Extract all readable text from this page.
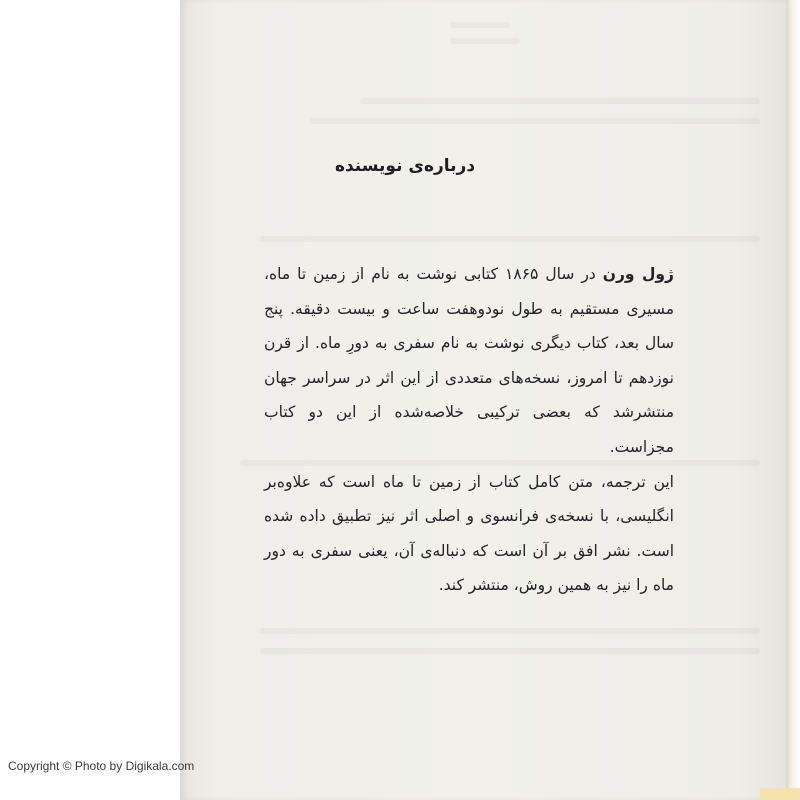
درباره‌ی نویسنده

ژول ورن در سال ۱۸۶۵ کتابی نوشت به نام از زمین تا ماه، مسیری مستقیم به طول نودوهفت ساعت و بیست دقیقه. پنج سال بعد، کتاب دیگری نوشت به نام سفری به دورِ ماه. از قرن نوزدهم تا امروز، نسخه‌های متعددی از این اثر در سراسر جهان منتشرشد که بعضی ترکیبی خلاصه‌شده از این دو کتاب مجزاست.

این ترجمه، متن کامل کتاب از زمین تا ماه است که علاوه‌بر انگلیسی، با نسخه‌ی فرانسوی و اصلی اثر نیز تطبیق داده شده است. نشر افق بر آن است که دنباله‌ی آن، یعنی سفری به دور ماه را نیز به همین روش، منتشر کند.

Copyright © Photo by Digikala.com
